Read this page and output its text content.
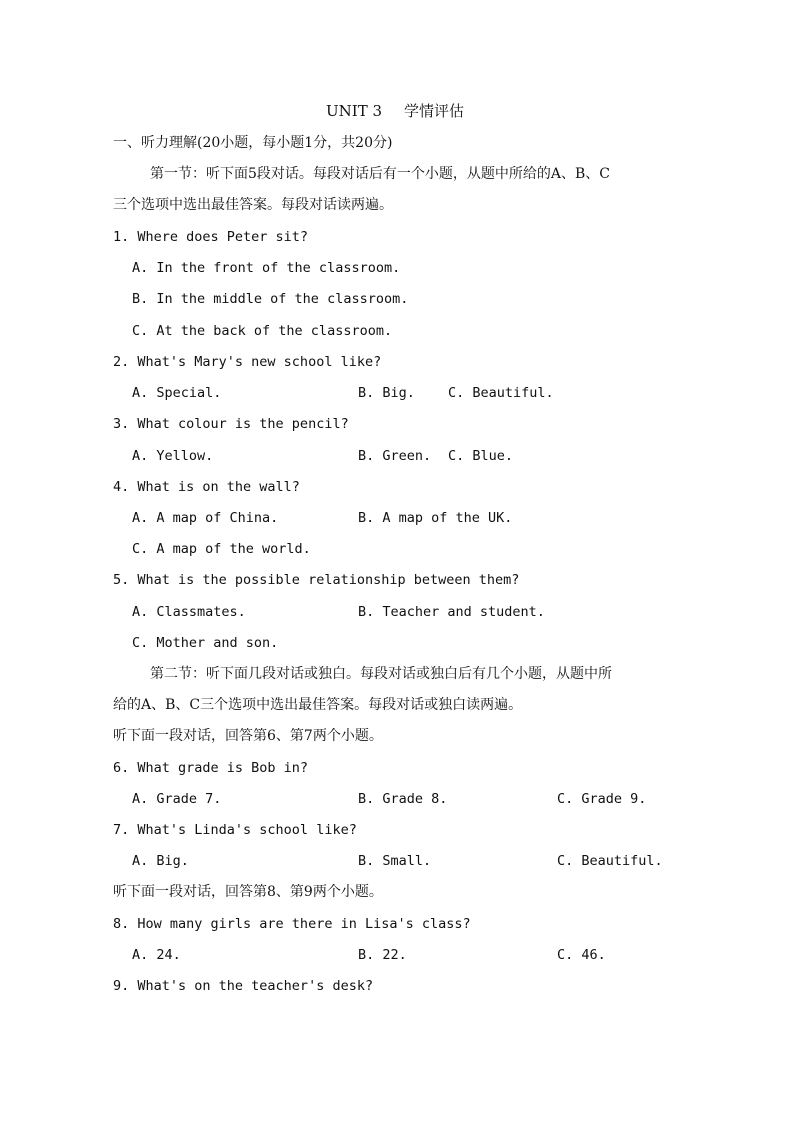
UNIT 3 学情评估
一、听力理解(20小题，每小题1分，共20分)
第一节：听下面5段对话。每段对话后有一个小题，从题中所给的A、B、C
三个选项中选出最佳答案。每段对话读两遍。
1. Where does Peter sit?
A. In the front of the classroom.
B. In the middle of the classroom.
C. At the back of the classroom.
2. What's Mary's new school like?
A. Special.	B. Big. C. Beautiful.
3. What colour is the pencil?
A. Yellow.	B. Green. C. Blue.
4. What is on the wall?
A. A map of China.	B. A map of the UK.
C. A map of the world.
5. What is the possible relationship between them?
A. Classmates.	B. Teacher and student.
C. Mother and son.
第二节：听下面几段对话或独白。每段对话或独白后有几个小题，从题中所
给的A、B、C三个选项中选出最佳答案。每段对话或独白读两遍。
听下面一段对话，回答第6、第7两个小题。
6. What grade is Bob in?
A. Grade 7.	B. Grade 8.	C. Grade 9.
7. What's Linda's school like?
A. Big.	B. Small.	C. Beautiful.
听下面一段对话，回答第8、第9两个小题。
8. How many girls are there in Lisa's class?
A. 24.	B. 22.	C. 46.
9. What's on the teacher's desk?
